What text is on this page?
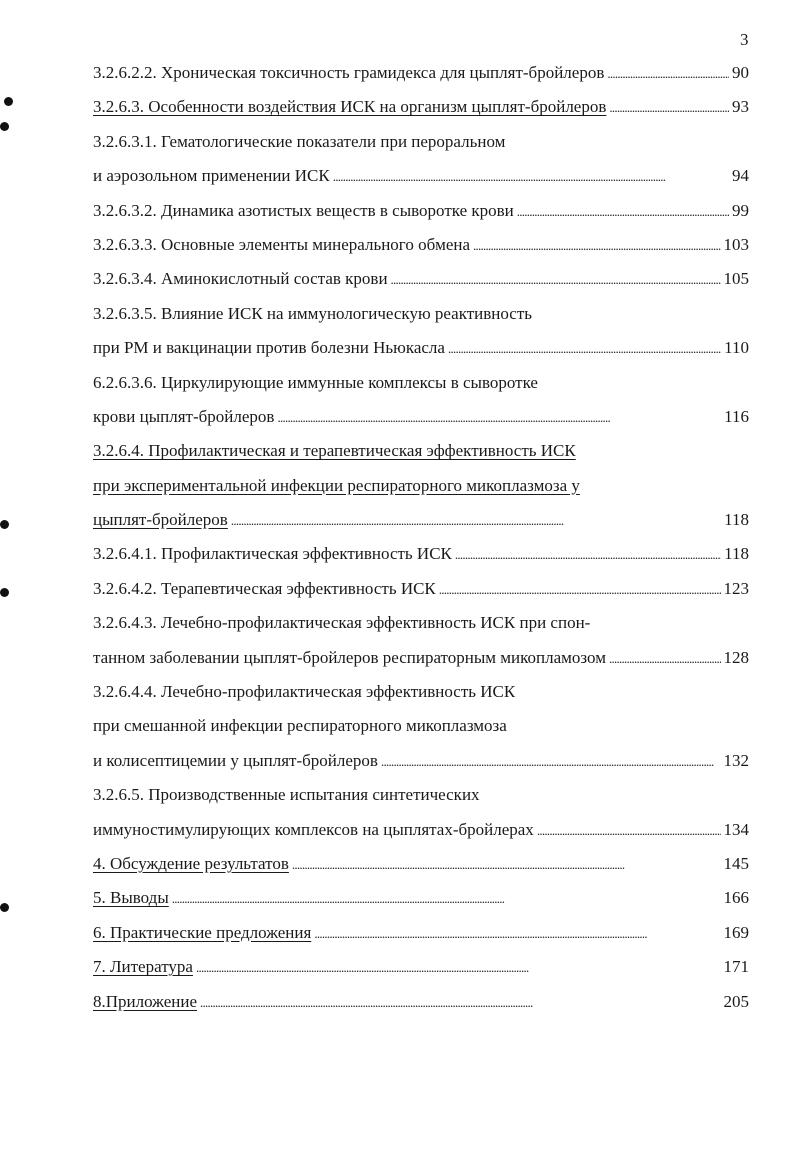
3
3.2.6.2.2. Хроническая токсичность грамидекса для цыплят-бройлеров . . .	90
3.2.6.3. Особенности воздействия ИСК на организм цыплят-бройлеров . . .	93
3.2.6.3.1. Гематологические показатели при пероральном
и аэрозольном применении ИСК . . .	94
3.2.6.3.2. Динамика азотистых веществ в сыворотке крови . . .	99
3.2.6.3.3. Основные элементы минерального обмена . . .	103
3.2.6.3.4. Аминокислотный состав крови . . .	105
3.2.6.3.5. Влияние ИСК на иммунологическую реактивность
при РМ и вакцинации против болезни Ньюкасла . . .	110
6.2.6.3.6. Циркулирующие иммунные комплексы в сыворотке
крови цыплят-бройлеров . . .	116
3.2.6.4. Профилактическая и терапевтическая эффективность ИСК
при экспериментальной инфекции респираторного микоплазмоза у
цыплят-бройлеров . . .	118
3.2.6.4.1. Профилактическая эффективность ИСК . . .	118
3.2.6.4.2. Терапевтическая эффективность ИСК . . .	123
3.2.6.4.3. Лечебно-профилактическая эффективность ИСК при спон-
танном заболевании цыплят-бройлеров респираторным микопламозом . . .	128
3.2.6.4.4. Лечебно-профилактическая эффективность ИСК
при смешанной инфекции респираторного микоплазмоза
и колисептицемии у цыплят-бройлеров . . .	132
3.2.6.5. Производственные испытания синтетических
иммуностимулирующих комплексов на цыплятах-бройлерах . . .	134
4. Обсуждение результатов . . .	145
5. Выводы . . .	166
6. Практические предложения . . .	169
7. Литература . . .	171
8.Приложение . . .	205
